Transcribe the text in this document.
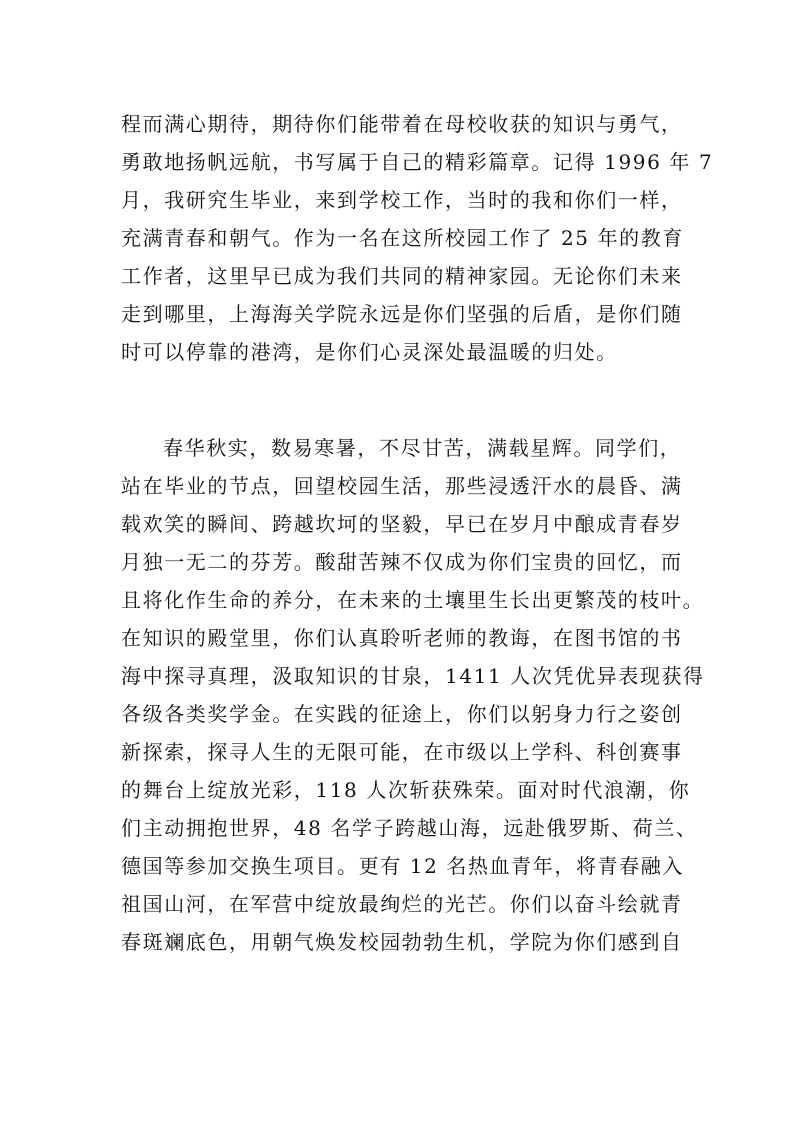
程而满心期待，期待你们能带着在母校收获的知识与勇气，
勇敢地扬帆远航，书写属于自己的精彩篇章。记得 1996 年 7
月，我研究生毕业，来到学校工作，当时的我和你们一样，
充满青春和朝气。作为一名在这所校园工作了 25 年的教育
工作者，这里早已成为我们共同的精神家园。无论你们未来
走到哪里，上海海关学院永远是你们坚强的后盾，是你们随
时可以停靠的港湾，是你们心灵深处最温暖的归处。
春华秋实，数易寒暑，不尽甘苦，满载星辉。同学们，
站在毕业的节点，回望校园生活，那些浸透汗水的晨昏、满
载欢笑的瞬间、跨越坎坷的坚毅，早已在岁月中酿成青春岁
月独一无二的芬芳。酸甜苦辣不仅成为你们宝贵的回忆，而
且将化作生命的养分，在未来的土壤里生长出更繁茂的枝叶。
在知识的殿堂里，你们认真聆听老师的教诲，在图书馆的书
海中探寻真理，汲取知识的甘泉，1411 人次凭优异表现获得
各级各类奖学金。在实践的征途上，你们以躬身力行之姿创
新探索，探寻人生的无限可能，在市级以上学科、科创赛事
的舞台上绽放光彩，118 人次斩获殊荣。面对时代浪潮，你
们主动拥抱世界，48 名学子跨越山海，远赴俄罗斯、荷兰、
德国等参加交换生项目。更有 12 名热血青年，将青春融入
祖国山河，在军营中绽放最绚烂的光芒。你们以奋斗绘就青
春斑斓底色，用朝气焕发校园勃勃生机，学院为你们感到自
